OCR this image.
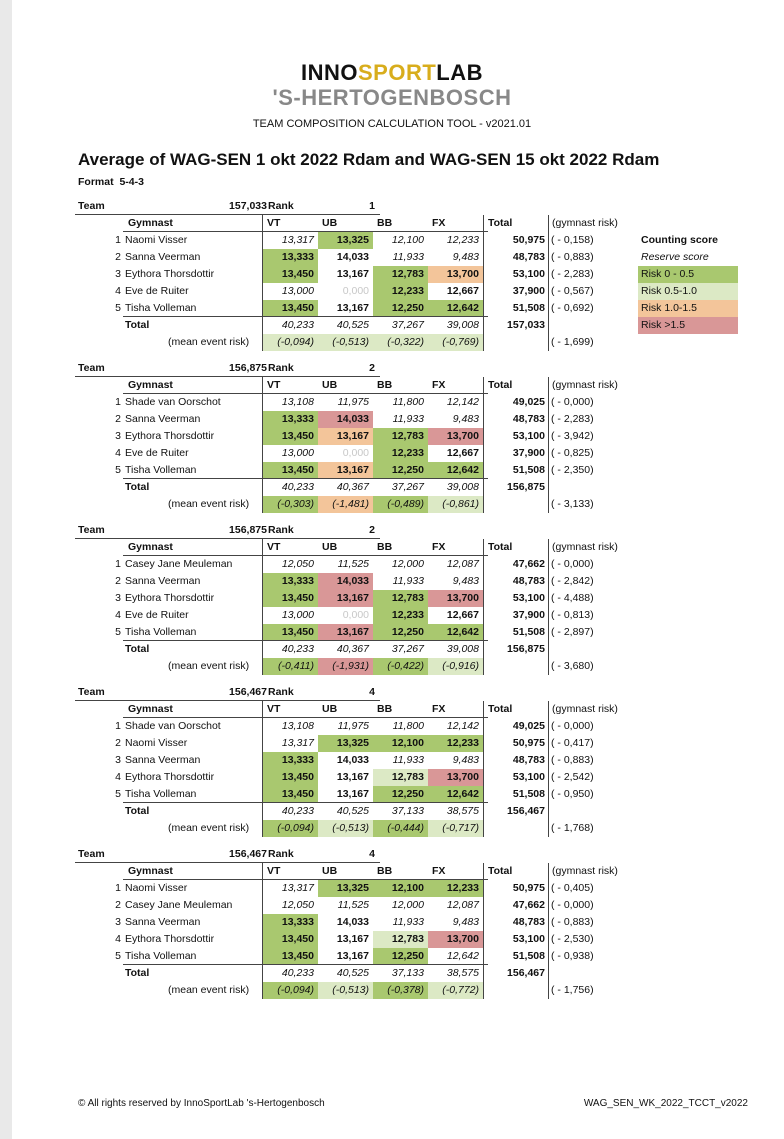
INNOSPORTLAB
'S-HERTOGENBOSCH
TEAM COMPOSITION CALCULATION TOOL - v2021.01
Average of WAG-SEN 1 okt 2022 Rdam and WAG-SEN 15 okt 2022 Rdam
Format 5-4-3
Counting score
Reserve score
Risk 0 - 0.5
Risk 0.5-1.0
Risk 1.0-1.5
Risk >1.5
Team	157,033 Rank	1
Gymnast	VT	UB	BB	FX	Total	(gymnast risk)
1 Naomi Visser	13,317	13,325	12,100	12,233	50,975 ( - 0,158)
2 Sanna Veerman	13,333	14,033	11,933	9,483	48,783 ( - 0,883)
3 Eythora Thorsdottir	13,450	13,167	12,783	13,700	53,100 ( - 2,283)
4 Eve de Ruiter	13,000	0,000	12,233	12,667	37,900 ( - 0,567)
5 Tisha Volleman	13,450	13,167	12,250	12,642	51,508 ( - 0,692)
Total	40,233	40,525	37,267	39,008	157,033
(mean event risk)	(-0,094)	(-0,513)	(-0,322)	(-0,769)	( - 1,699)
Team	156,875 Rank	2
Gymnast	VT	UB	BB	FX	Total	(gymnast risk)
1 Shade van Oorschot	13,108	11,975	11,800	12,142	49,025 ( - 0,000)
2 Sanna Veerman	13,333	14,033	11,933	9,483	48,783 ( - 2,283)
3 Eythora Thorsdottir	13,450	13,167	12,783	13,700	53,100 ( - 3,942)
4 Eve de Ruiter	13,000	0,000	12,233	12,667	37,900 ( - 0,825)
5 Tisha Volleman	13,450	13,167	12,250	12,642	51,508 ( - 2,350)
Total	40,233	40,367	37,267	39,008	156,875
(mean event risk)	(-0,303)	(-1,481)	(-0,489)	(-0,861)	( - 3,133)
Team	156,875 Rank	2
Gymnast	VT	UB	BB	FX	Total	(gymnast risk)
1 Casey Jane Meuleman	12,050	11,525	12,000	12,087	47,662 ( - 0,000)
2 Sanna Veerman	13,333	14,033	11,933	9,483	48,783 ( - 2,842)
3 Eythora Thorsdottir	13,450	13,167	12,783	13,700	53,100 ( - 4,488)
4 Eve de Ruiter	13,000	0,000	12,233	12,667	37,900 ( - 0,813)
5 Tisha Volleman	13,450	13,167	12,250	12,642	51,508 ( - 2,897)
Total	40,233	40,367	37,267	39,008	156,875
(mean event risk)	(-0,411)	(-1,931)	(-0,422)	(-0,916)	( - 3,680)
Team	156,467 Rank	4
Gymnast	VT	UB	BB	FX	Total	(gymnast risk)
1 Shade van Oorschot	13,108	11,975	11,800	12,142	49,025 ( - 0,000)
2 Naomi Visser	13,317	13,325	12,100	12,233	50,975 ( - 0,417)
3 Sanna Veerman	13,333	14,033	11,933	9,483	48,783 ( - 0,883)
4 Eythora Thorsdottir	13,450	13,167	12,783	13,700	53,100 ( - 2,542)
5 Tisha Volleman	13,450	13,167	12,250	12,642	51,508 ( - 0,950)
Total	40,233	40,525	37,133	38,575	156,467
(mean event risk)	(-0,094)	(-0,513)	(-0,444)	(-0,717)	( - 1,768)
Team	156,467 Rank	4
Gymnast	VT	UB	BB	FX	Total	(gymnast risk)
1 Naomi Visser	13,317	13,325	12,100	12,233	50,975 ( - 0,405)
2 Casey Jane Meuleman	12,050	11,525	12,000	12,087	47,662 ( - 0,000)
3 Sanna Veerman	13,333	14,033	11,933	9,483	48,783 ( - 0,883)
4 Eythora Thorsdottir	13,450	13,167	12,783	13,700	53,100 ( - 2,530)
5 Tisha Volleman	13,450	13,167	12,250	12,642	51,508 ( - 0,938)
Total	40,233	40,525	37,133	38,575	156,467
(mean event risk)	(-0,094)	(-0,513)	(-0,378)	(-0,772)	( - 1,756)
© All rights reserved by InnoSportLab 's-Hertogenbosch	WAG_SEN_WK_2022_TCCT_v2022
